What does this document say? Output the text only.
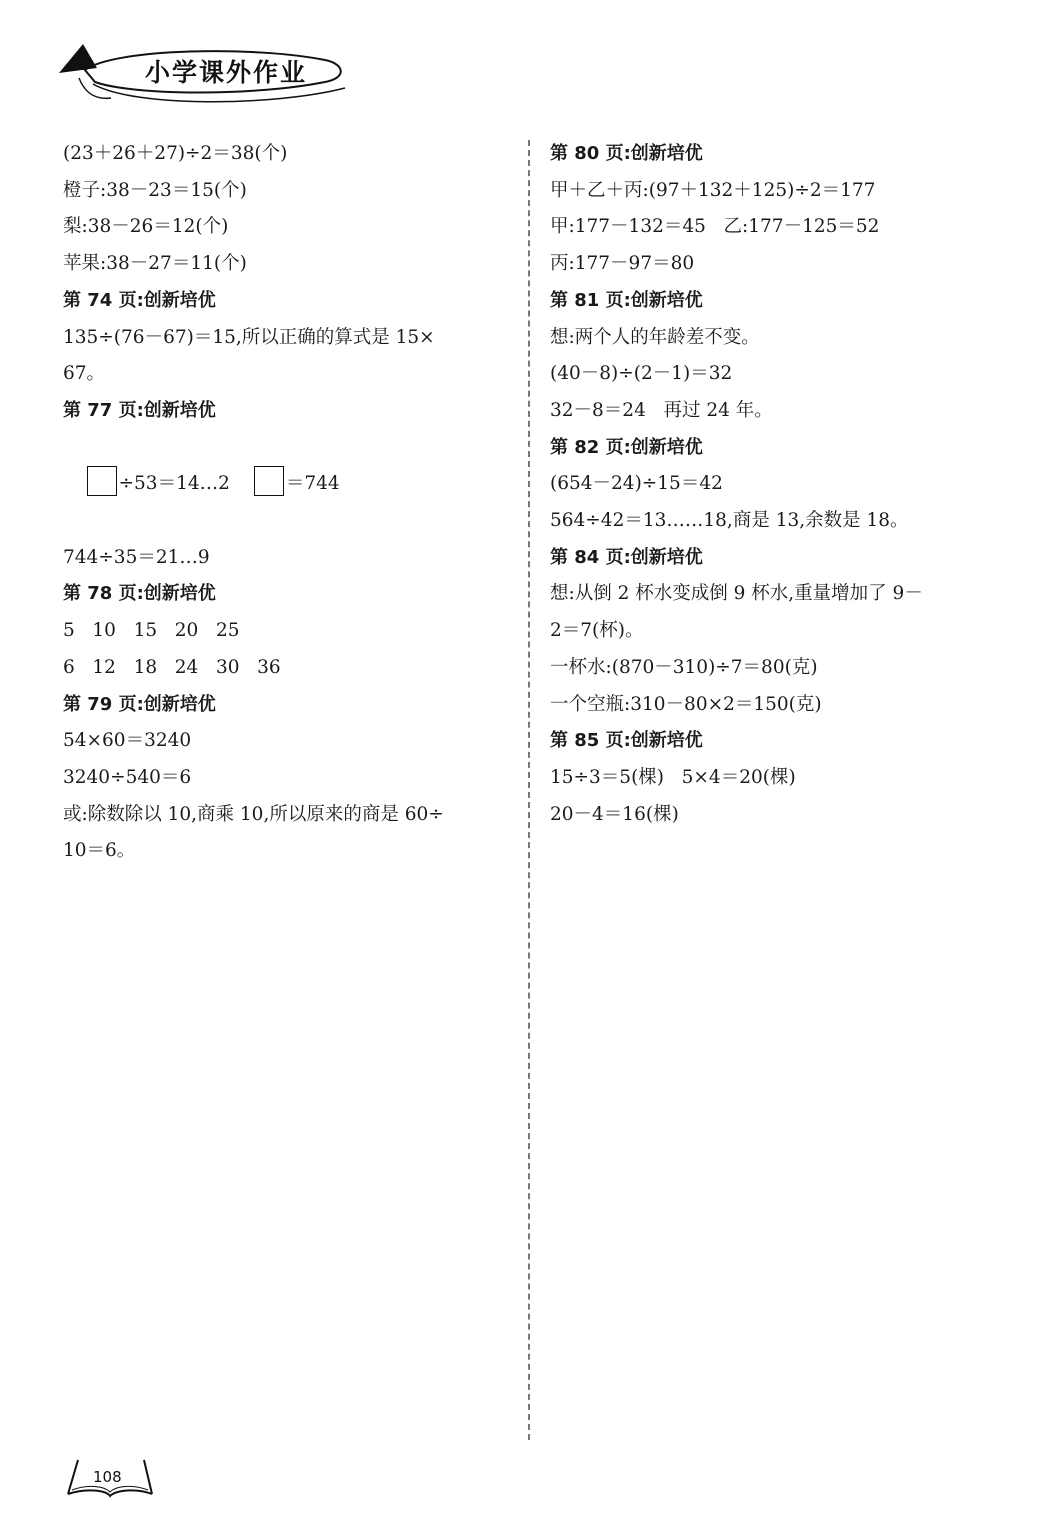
小学课外作业
(23＋26＋27)÷2＝38(个)
橙子:38－23＝15(个)
梨:38－26＝12(个)
苹果:38－27＝11(个)
第 74 页:创新培优
135÷(76－67)＝15,所以正确的算式是 15×
67。
第 77 页:创新培优

÷53＝14…2	＝744

744÷35＝21…9
第 78 页:创新培优
5   10   15   20   25
6   12   18   24   30   36
第 79 页:创新培优
54×60＝3240
3240÷540＝6
或:除数除以 10,商乘 10,所以原来的商是 60÷
10＝6。
第 80 页:创新培优
甲＋乙＋丙:(97＋132＋125)÷2＝177
甲:177－132＝45   乙:177－125＝52
丙:177－97＝80
第 81 页:创新培优
想:两个人的年龄差不变。
(40－8)÷(2－1)＝32
32－8＝24   再过 24 年。
第 82 页:创新培优
(654－24)÷15＝42
564÷42＝13……18,商是 13,余数是 18。
第 84 页:创新培优
想:从倒 2 杯水变成倒 9 杯水,重量增加了 9－
2＝7(杯)。
一杯水:(870－310)÷7＝80(克)
一个空瓶:310－80×2＝150(克)
第 85 页:创新培优
15÷3＝5(棵)   5×4＝20(棵)
20－4＝16(棵)
108
